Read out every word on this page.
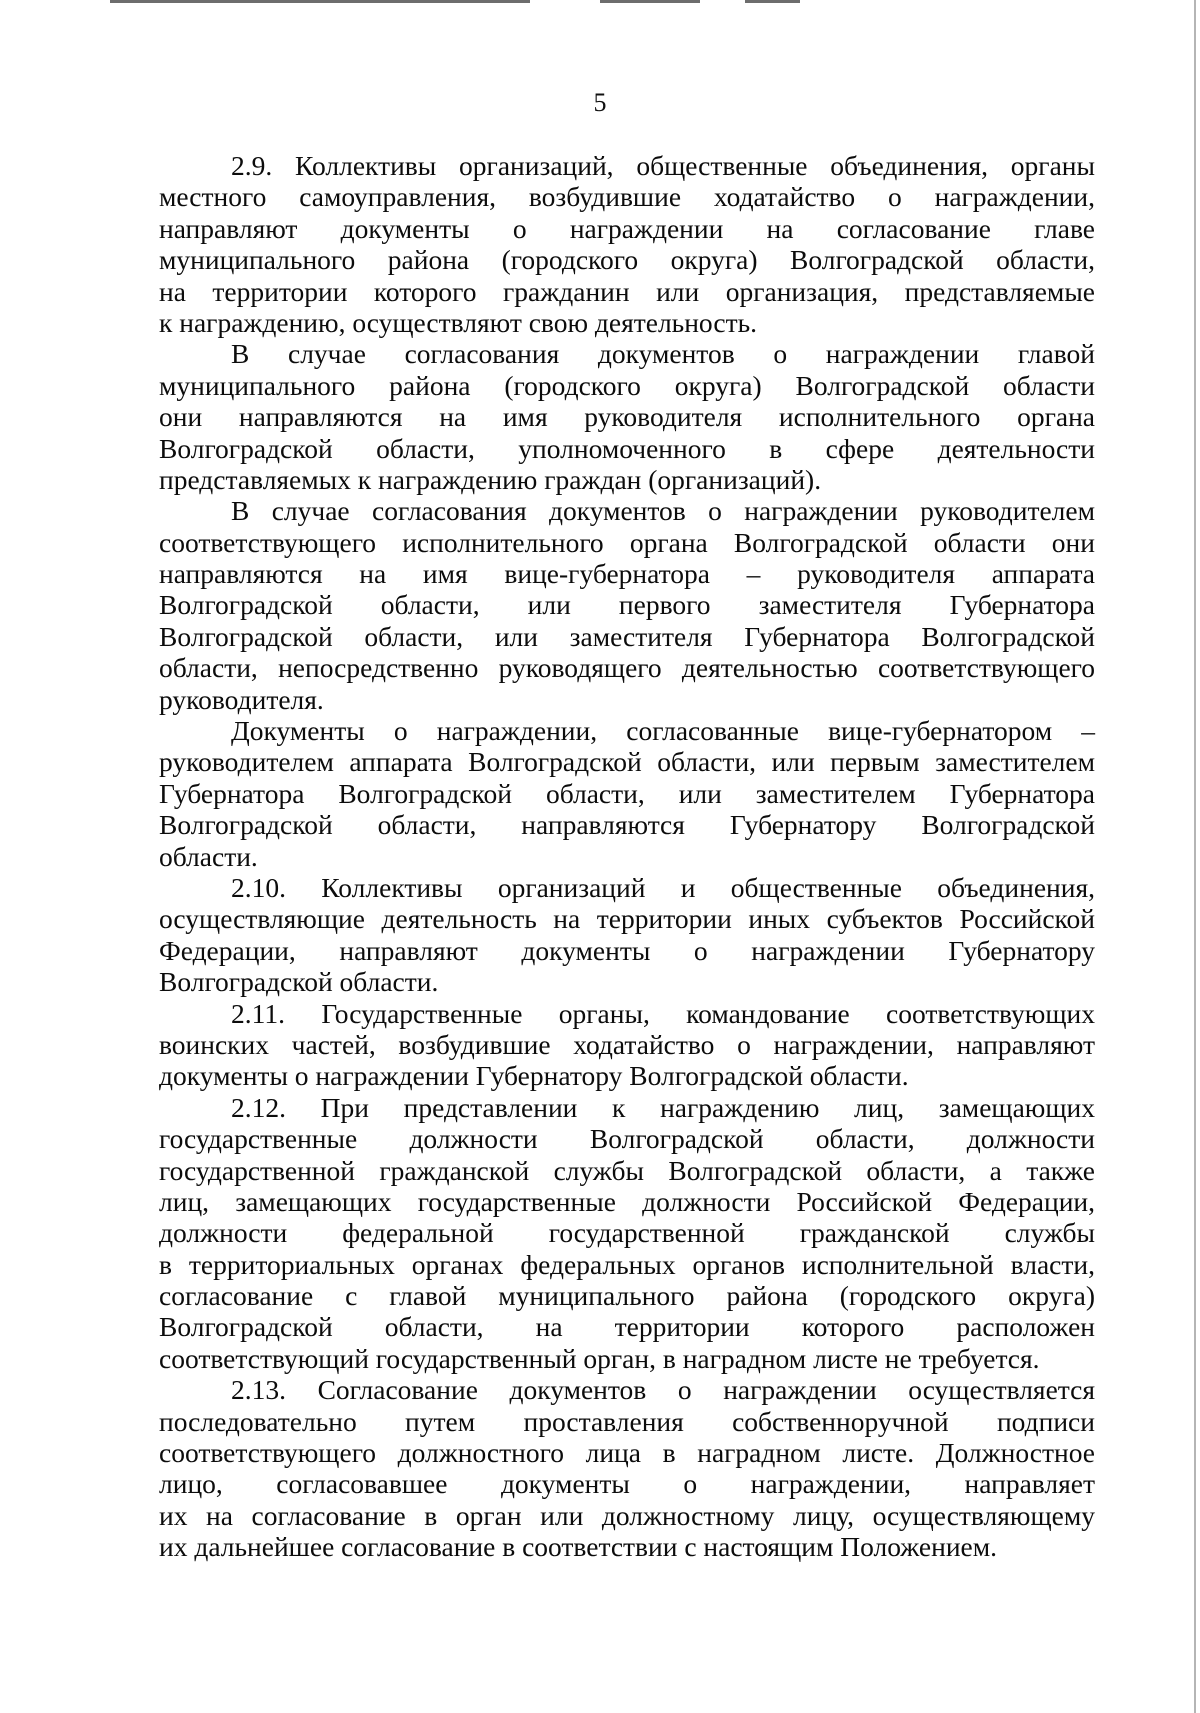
5
2.9. Коллективы организаций, общественные объединения, органы
местного самоуправления, возбудившие ходатайство о награждении,
направляют документы о награждении на согласование главе
муниципального района (городского округа) Волгоградской области,
на территории которого гражданин или организация, представляемые
к награждению, осуществляют свою деятельность.
В случае согласования документов о награждении главой
муниципального района (городского округа) Волгоградской области
они направляются на имя руководителя исполнительного органа
Волгоградской области, уполномоченного в сфере деятельности
представляемых к награждению граждан (организаций).
В случае согласования документов о награждении руководителем
соответствующего исполнительного органа Волгоградской области они
направляются на имя вице-губернатора – руководителя аппарата
Волгоградской области, или первого заместителя Губернатора
Волгоградской области, или заместителя Губернатора Волгоградской
области, непосредственно руководящего деятельностью соответствующего
руководителя.
Документы о награждении, согласованные вице-губернатором –
руководителем аппарата Волгоградской области, или первым заместителем
Губернатора Волгоградской области, или заместителем Губернатора
Волгоградской области, направляются Губернатору Волгоградской
области.
2.10. Коллективы организаций и общественные объединения,
осуществляющие деятельность на территории иных субъектов Российской
Федерации, направляют документы о награждении Губернатору
Волгоградской области.
2.11. Государственные органы, командование соответствующих
воинских частей, возбудившие ходатайство о награждении, направляют
документы о награждении Губернатору Волгоградской области.
2.12. При представлении к награждению лиц, замещающих
государственные должности Волгоградской области, должности
государственной гражданской службы Волгоградской области, а также
лиц, замещающих государственные должности Российской Федерации,
должности федеральной государственной гражданской службы
в территориальных органах федеральных органов исполнительной власти,
согласование с главой муниципального района (городского округа)
Волгоградской области, на территории которого расположен
соответствующий государственный орган, в наградном листе не требуется.
2.13. Согласование документов о награждении осуществляется
последовательно путем проставления собственноручной подписи
соответствующего должностного лица в наградном листе. Должностное
лицо, согласовавшее документы о награждении, направляет
их на согласование в орган или должностному лицу, осуществляющему
их дальнейшее согласование в соответствии с настоящим Положением.
